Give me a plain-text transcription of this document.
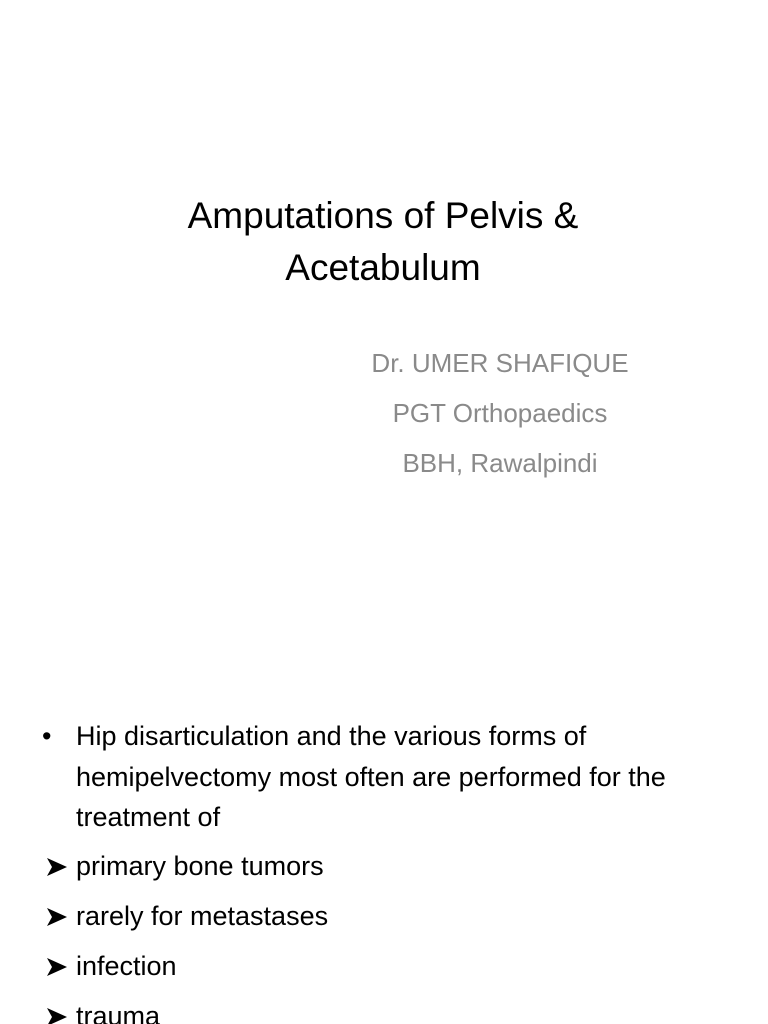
Amputations of Pelvis &
Acetabulum
Dr. UMER SHAFIQUE
PGT Orthopaedics
BBH, Rawalpindi
• Hip disarticulation and the various forms of hemipelvectomy most often are performed for the treatment of
primary bone tumors
rarely for metastases
infection
trauma
